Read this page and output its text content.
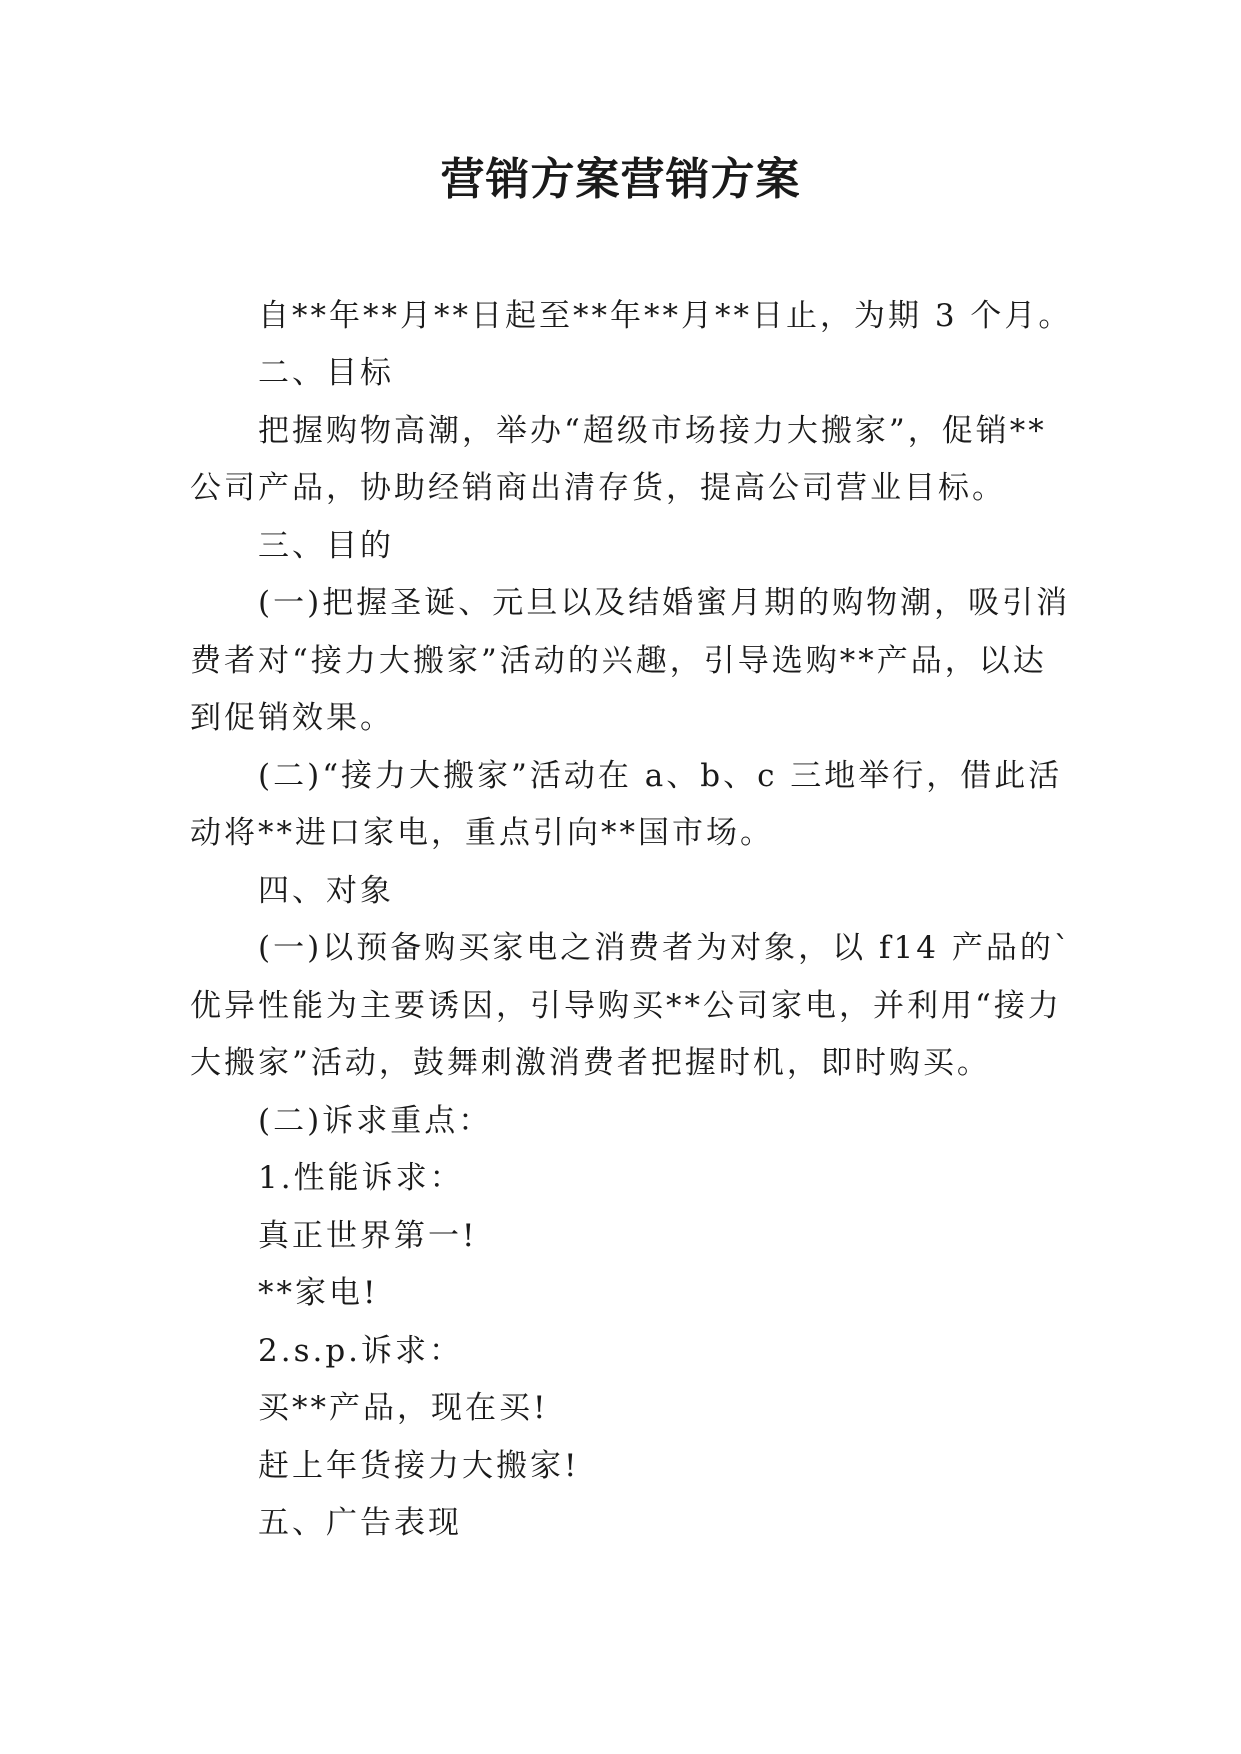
营销方案营销方案
自**年**月**日起至**年**月**日止，为期 3 个月。
二、目标
把握购物高潮，举办“超级市场接力大搬家”，促销**
公司产品，协助经销商出清存货，提高公司营业目标。
三、目的
(一)把握圣诞、元旦以及结婚蜜月期的购物潮，吸引消
费者对“接力大搬家”活动的兴趣，引导选购**产品，以达
到促销效果。
(二)“接力大搬家”活动在 a、b、c 三地举行，借此活
动将**进口家电，重点引向**国市场。
四、对象
(一)以预备购买家电之消费者为对象，以 f14 产品的`
优异性能为主要诱因，引导购买**公司家电，并利用“接力
大搬家”活动，鼓舞刺激消费者把握时机，即时购买。
(二)诉求重点：
1.性能诉求：
真正世界第一!
**家电!
2.s.p.诉求：
买**产品，现在买!
赶上年货接力大搬家!
五、广告表现
